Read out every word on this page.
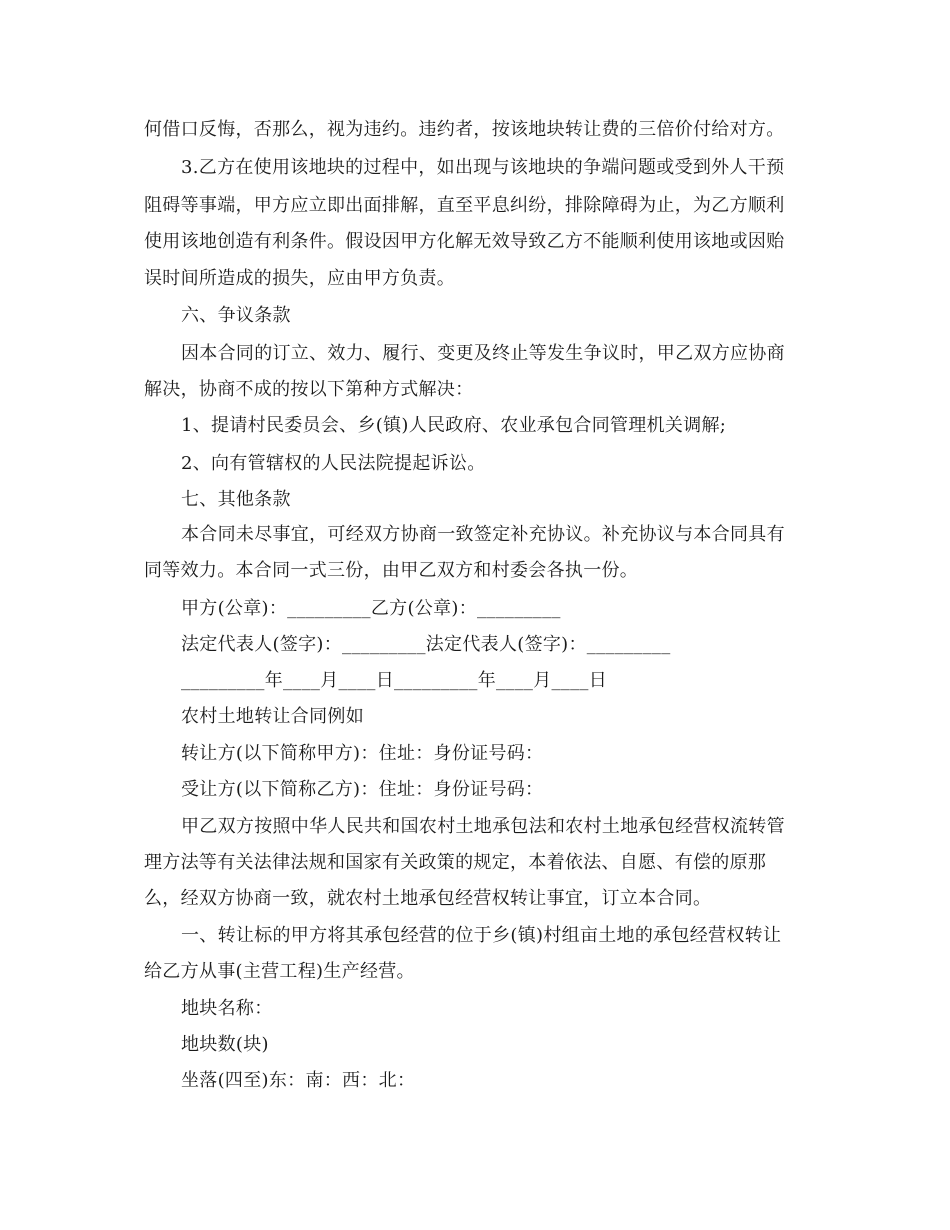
何借口反悔，否那么，视为违约。违约者，按该地块转让费的三倍价付给对方。
3.乙方在使用该地块的过程中，如出现与该地块的争端问题或受到外人干预
阻碍等事端，甲方应立即出面排解，直至平息纠纷，排除障碍为止，为乙方顺利
使用该地创造有利条件。假设因甲方化解无效导致乙方不能顺利使用该地或因贻
误时间所造成的损失，应由甲方负责。
六、争议条款
因本合同的订立、效力、履行、变更及终止等发生争议时，甲乙双方应协商
解决，协商不成的按以下第种方式解决：
1、提请村民委员会、乡(镇)人民政府、农业承包合同管理机关调解;
2、向有管辖权的人民法院提起诉讼。
七、其他条款
本合同未尽事宜，可经双方协商一致签定补充协议。补充协议与本合同具有
同等效力。本合同一式三份，由甲乙双方和村委会各执一份。
甲方(公章)：_________乙方(公章)：_________
法定代表人(签字)：_________法定代表人(签字)：_________
_________年____月____日_________年____月____日
农村土地转让合同例如
转让方(以下简称甲方)：住址：身份证号码：
受让方(以下简称乙方)：住址：身份证号码：
甲乙双方按照中华人民共和国农村土地承包法和农村土地承包经营权流转管
理方法等有关法律法规和国家有关政策的规定，本着依法、自愿、有偿的原那
么，经双方协商一致，就农村土地承包经营权转让事宜，订立本合同。
一、转让标的甲方将其承包经营的位于乡(镇)村组亩土地的承包经营权转让
给乙方从事(主营工程)生产经营。
地块名称：
地块数(块)
坐落(四至)东：南：西：北：
